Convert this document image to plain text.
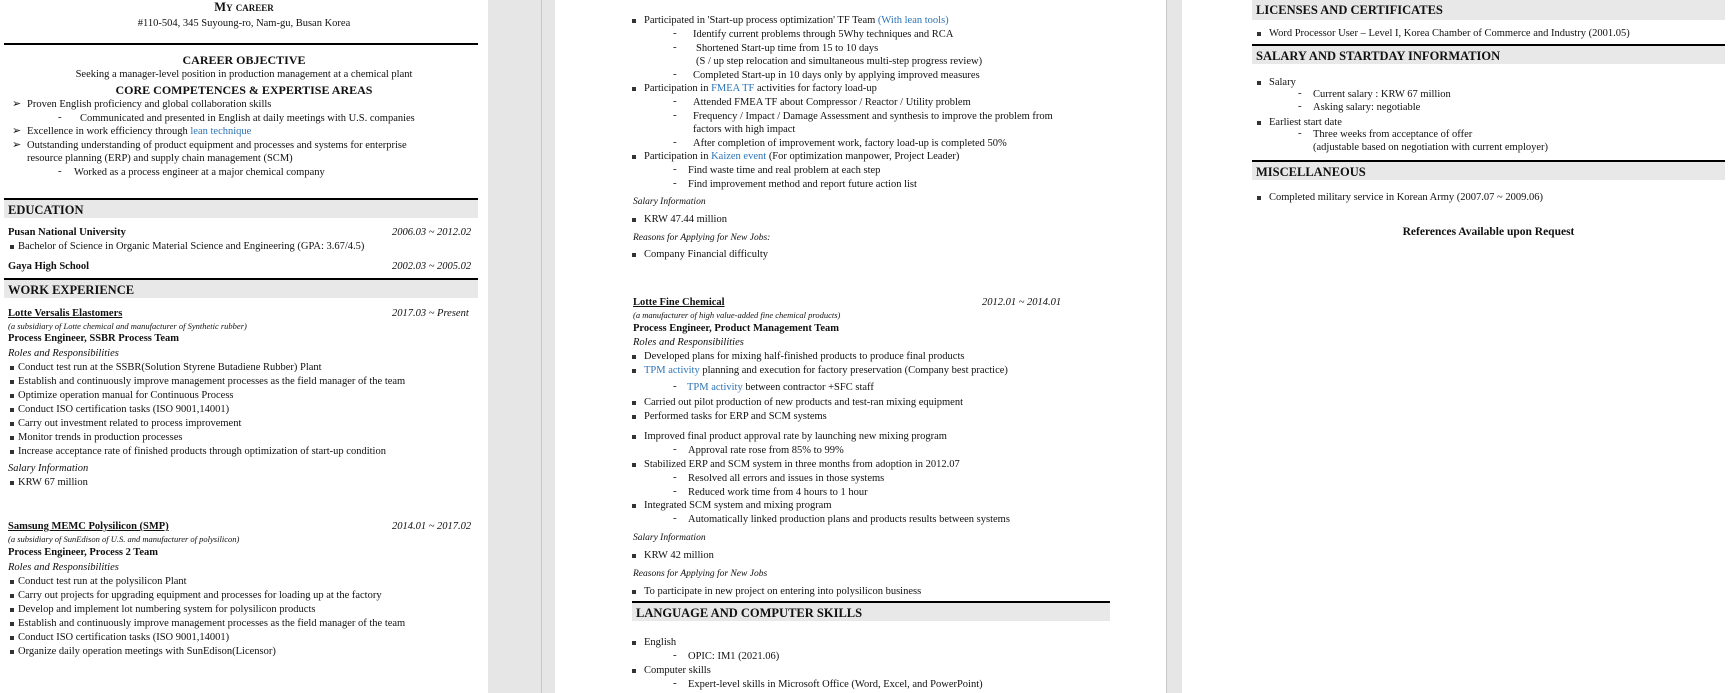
My career
#110-504, 345 Suyoung-ro, Nam-gu, Busan Korea
CAREER OBJECTIVE
Seeking a manager-level position in production management at a chemical plant
CORE COMPETENCES & EXPERTISE AREAS
➢ Proven English proficiency and global collaboration skills
- Communicated and presented in English at daily meetings with U.S. companies
➢ Excellence in work efficiency through lean technique
➢ Outstanding understanding of product equipment and processes and systems for enterprise
resource planning (ERP) and supply chain management (SCM)
- Worked as a process engineer at a major chemical company
EDUCATION
Pusan National University	2006.03 ~ 2012.02
Bachelor of Science in Organic Material Science and Engineering (GPA: 3.67/4.5)
Gaya High School	2002.03 ~ 2005.02
WORK EXPERIENCE
Lotte Versalis Elastomers	2017.03 ~ Present
(a subsidiary of Lotte chemical and manufacturer of Synthetic rubber)
Process Engineer, SSBR Process Team
Roles and Responsibilities
Conduct test run at the SSBR(Solution Styrene Butadiene Rubber) Plant
Establish and continuously improve management processes as the field manager of the team
Optimize operation manual for Continuous Process
Conduct ISO certification tasks (ISO 9001,14001)
Carry out investment related to process improvement
Monitor trends in production processes
Increase acceptance rate of finished products through optimization of start-up condition
Salary Information
KRW 67 million
Samsung MEMC Polysilicon (SMP)	2014.01 ~ 2017.02
(a subsidiary of SunEdison of U.S. and manufacturer of polysilicon)
Process Engineer, Process 2 Team
Roles and Responsibilities
Conduct test run at the polysilicon Plant
Carry out projects for upgrading equipment and processes for loading up at the factory
Develop and implement lot numbering system for polysilicon products
Establish and continuously improve management processes as the field manager of the team
Conduct ISO certification tasks (ISO 9001,14001)
Organize daily operation meetings with SunEdison(Licensor)
Participated in 'Start-up process optimization' TF Team (With lean tools)
- Identify current problems through 5Why techniques and RCA
- Shortened Start-up time from 15 to 10 days
(S / up step relocation and simultaneous multi-step progress review)
- Completed Start-up in 10 days only by applying improved measures
Participation in FMEA TF activities for factory load-up
- Attended FMEA TF about Compressor / Reactor / Utility problem
- Frequency / Impact / Damage Assessment and synthesis to improve the problem from
factors with high impact
- After completion of improvement work, factory load-up is completed 50%
Participation in Kaizen event (For optimization manpower, Project Leader)
- Find waste time and real problem at each step
- Find improvement method and report future action list
Salary Information
KRW 47.44 million
Reasons for Applying for New Jobs:
Company Financial difficulty
Lotte Fine Chemical	2012.01 ~ 2014.01
(a manufacturer of high value-added fine chemical products)
Process Engineer, Product Management Team
Roles and Responsibilities
Developed plans for mixing half-finished products to produce final products
TPM activity planning and execution for factory preservation (Company best practice)
- TPM activity between contractor +SFC staff
Carried out pilot production of new products and test-ran mixing equipment
Performed tasks for ERP and SCM systems
Improved final product approval rate by launching new mixing program
- Approval rate rose from 85% to 99%
Stabilized ERP and SCM system in three months from adoption in 2012.07
- Resolved all errors and issues in those systems
- Reduced work time from 4 hours to 1 hour
Integrated SCM system and mixing program
- Automatically linked production plans and products results between systems
Salary Information
KRW 42 million
Reasons for Applying for New Jobs
To participate in new project on entering into polysilicon business
LANGUAGE AND COMPUTER SKILLS
English
- OPIC: IM1 (2021.06)
Computer skills
- Expert-level skills in Microsoft Office (Word, Excel, and PowerPoint)
LICENSES AND CERTIFICATES
Word Processor User – Level I, Korea Chamber of Commerce and Industry (2001.05)
SALARY AND STARTDAY INFORMATION
Salary
- Current salary : KRW 67 million
- Asking salary: negotiable
Earliest start date
- Three weeks from acceptance of offer
(adjustable based on negotiation with current employer)
MISCELLANEOUS
Completed military service in Korean Army (2007.07 ~ 2009.06)
References Available upon Request
